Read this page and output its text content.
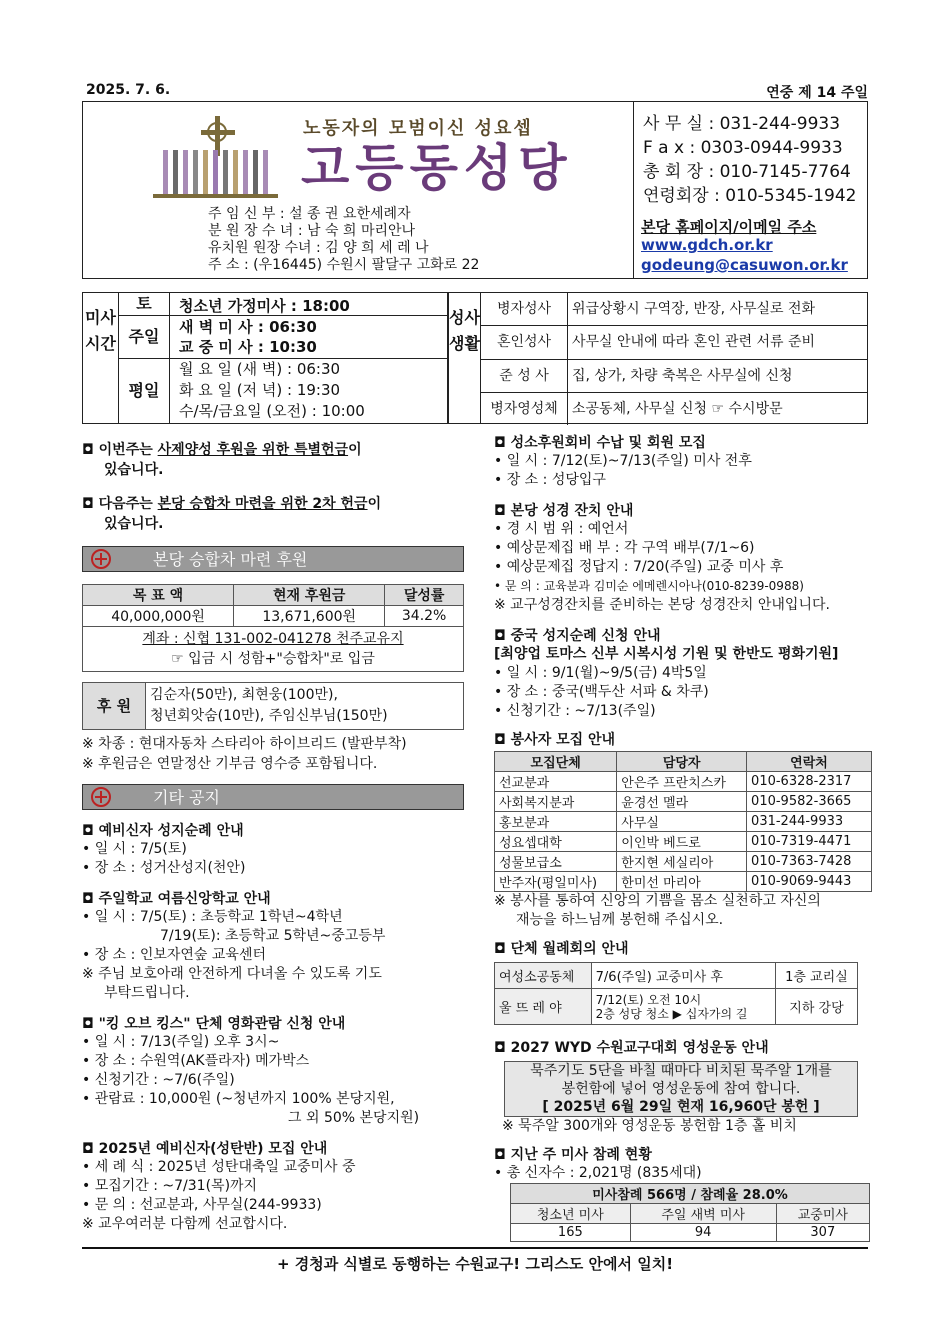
2025. 7. 6.	연중 제 14 주일
노동자의 모범이신 성요셉
고등동성당
주 임 신 부 : 설 종 권 요한세례자
분 원 장 수 녀 : 남 숙 희 마리안나
유치원 원장 수녀 : 김 양 희 세 레 나
주 소 : (우16445) 수원시 팔달구 고화로 22
사 무 실 : 031-244-9933
F a x : 0303-0944-9933
총 회 장 : 010-7145-7764
연령회장 : 010-5345-1942
본당 홈페이지/이메일 주소
www.gdch.or.kr
godeung@casuwon.or.kr
미사시간
토	청소년 가정미사 : 18:00
주일	새 벽 미 사 : 06:30
교 중 미 사 : 10:30
평일
월 요 일 (새 벽) : 06:30
화 요 일 (저 녁) : 19:30
수/목/금요일 (오전) : 10:00
성사생활
병자성사	위급상황시 구역장, 반장, 사무실로 전화
혼인성사	사무실 안내에 따라 혼인 관련 서류 준비
준 성 사	집, 상가, 차량 축복은 사무실에 신청
병자영성체	소공동체, 사무실 신청 ☞ 수시방문
◘ 이번주는 사제양성 후원을 위한 특별헌금이
있습니다.
◘ 다음주는 본당 승합차 마련을 위한 2차 헌금이
있습니다.
본당 승합차 마련 후원
목 표 액	현재 후원금	달성률
40,000,000원	13,671,600원	34.2%

계좌 : 신협 131-002-041278 천주교유지
☞ 입금 시 성함+"승합차"로 입금		
후 원
김순자(50만), 최현웅(100만),
청년회앗숨(10만), 주임신부님(150만)
※ 차종 : 현대자동차 스타리아 하이브리드 (발판부착)
※ 후원금은 연말정산 기부금 영수증 포함됩니다.
기타 공지
◘ 예비신자 성지순례 안내
• 일 시 : 7/5(토)
• 장 소 : 성거산성지(천안)
◘ 주일학교 여름신앙학교 안내
• 일 시 : 7/5(토) : 초등학교 1학년~4학년
7/19(토): 초등학교 5학년~중고등부
• 장 소 : 인보자연숲 교육센터
※ 주님 보호아래 안전하게 다녀올 수 있도록 기도
부탁드립니다.
◘ "킹 오브 킹스" 단체 영화관람 신청 안내
• 일 시 : 7/13(주일) 오후 3시~
• 장 소 : 수원역(AK플라자) 메가박스
• 신청기간 : ~7/6(주일)
• 관람료 : 10,000원 (~청년까지 100% 본당지원,
그 외 50% 본당지원)
◘ 2025년 예비신자(성탄반) 모집 안내
• 세 례 식 : 2025년 성탄대축일 교중미사 중
• 모집기간 : ~7/31(목)까지
• 문 의 : 선교분과, 사무실(244-9933)
※ 교우여러분 다함께 선교합시다.
◘ 성소후원회비 수납 및 회원 모집
• 일 시 : 7/12(토)~7/13(주일) 미사 전후
• 장 소 : 성당입구
◘ 본당 성경 잔치 안내
• 경 시 범 위 : 예언서
• 예상문제집 배 부 : 각 구역 배부(7/1~6)
• 예상문제집 정답지 : 7/20(주일) 교중 미사 후
• 문 의 : 교육분과 김미순 에메렌시아나(010-8239-0988)
※ 교구성경잔치를 준비하는 본당 성경잔치 안내입니다.
◘ 중국 성지순례 신청 안내
[최양업 토마스 신부 시복시성 기원 및 한반도 평화기원]
• 일 시 : 9/1(월)~9/5(금) 4박5일
• 장 소 : 중국(백두산 서파 & 차쿠)
• 신청기간 : ~7/13(주일)
◘ 봉사자 모집 안내
모집단체	담당자	연락처
선교분과	안은주 프란치스카	010-6328-2317
사회복지분과	윤경선 멜라	010-9582-3665
홍보분과	사무실	031-244-9933
성요셉대학	이인박 베드로	010-7319-4471
성물보급소	한지현 세실리아	010-7363-7428
반주자(평일미사)	한미선 마리아	010-9069-9443
※ 봉사를 통하여 신앙의 기쁨을 몸소 실천하고 자신의
재능을 하느님께 봉헌해 주십시오.
◘ 단체 월례회의 안내
여성소공동체	7/6(주일) 교중미사 후	1층 교리실
울 뜨 레 야	7/12(토) 오전 10시
2층 성당 청소 ▶ 십자가의 길	지하 강당
◘ 2027 WYD 수원교구대회 영성운동 안내
묵주기도 5단을 바칠 때마다 비치된 묵주알 1개를
봉헌함에 넣어 영성운동에 참여 합니다.
[ 2025년 6월 29일 현재 16,960단 봉헌 ]
※ 묵주알 300개와 영성운동 봉헌함 1층 홀 비치
◘ 지난 주 미사 참례 현황
• 총 신자수 : 2,021명 (835세대)
미사참례 566명 / 참례율 28.0%		
청소년 미사	주일 새벽 미사	교중미사
165	94	307
+ 경청과 식별로 동행하는 수원교구! 그리스도 안에서 일치!
